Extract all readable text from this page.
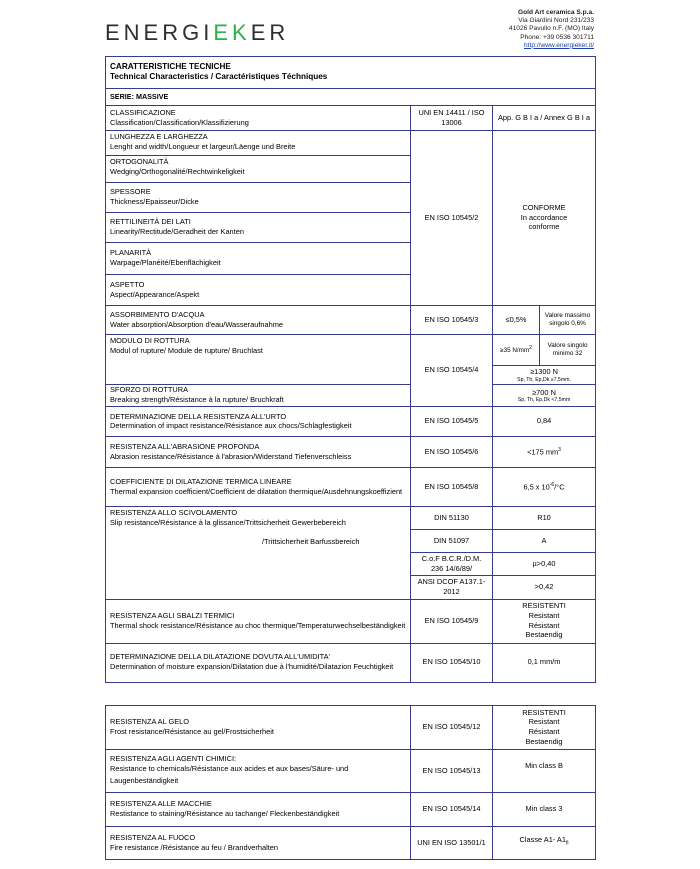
ENERGIEKER
Gold Art ceramica S.p.a.
Via Giardini Nord 231/233
41026 Pavullo n.F. (MO) Italy
Phone: +39 0536 301711
http://www.energieker.it/
CARATTERISTICHE TECNICHE
Technical Characteristics / Caractéristiques Téchniques			

SERIE: MASSIVE			

CLASSIFICAZIONE
Classification/Classification/Klassifizierung	UNI EN 14411 / ISO 13006	App. G B I a / Annex G B I a	

LUNGHEZZA E LARGHEZZA
Lenght and width/Longueur et largeur/Läenge und Breite	EN ISO 10545/2	CONFORME
In accordance
conforme	

ORTOGONALITÀ
Wedging/Orthogonalité/Rechtwinkeligkeit			

SPESSORE
Thickness/Epaisseur/Dicke			

RETTILINEITÀ DEI LATI
Linearity/Rectitude/Geradheit der Kanten			

PLANARITÀ
Warpage/Planéité/Ebenflächigkeit			

ASPETTO
Aspect/Appearance/Aspekt			

ASSORBIMENTO D'ACQUA
Water absorption/Absorption d'eau/Wasseraufnahme	EN ISO 10545/3	≤0,5%	Valore massimo singolo 0,6%

MODULO DI ROTTURA
Modul of rupture/ Module de rupture/ Bruchlast	EN ISO 10545/4	≥35 $N/mm^2$	Valore singolo minimo 32

		≥1300 N
Sp, Th, Ep,Dk ≥7,5mm.	

SFORZO DI ROTTURA
Breaking strength/Résistance à la rupture/ Bruchkraft		≥700 N
Sp, Th, Ep,Dk <7,5mm	

DETERMINAZIONE DELLA RESISTENZA ALL'URTO
Determination of impact resistance/Résistance aux chocs/Schlagfestigkeit	EN ISO 10545/5	0,84	

RESISTENZA ALL'ABRASIONE PROFONDA
Abrasion resistance/Résistance à l'abrasion/Widerstand Tiefenverschleiss	EN ISO 10545/6	<175 $mm^3$

COEFFICIENTE DI DILATAZIONE TERMICA LINEARE
Thermal expansion coefficient/Coefficient de dilatation thermique/Ausdehnungskoeffizient	EN ISO 10545/8	6,5 x $10^{-6}/^\circ C$	

RESISTENZA ALLO SCIVOLAMENTO
Slip resistance/Résistance à la glissance/Trittsicherheit Gewerbebereich
/Trittsicherheit Barfussbereich	DIN 51130	R10	
	DIN 51097	A	
	C.o.F B.C.R./D.M. 236 14/6/89/	µ>0,40	
	ANSI DCOF A137.1-2012	>0,42	

RESISTENZA AGLI SBALZI TERMICI
Thermal shock resistance/Résistance au choc thermique/Temperaturwechselbeständigkeit	EN ISO 10545/9	RESISTENTI
Resistant
Résistant
Bestaendig	

DETERMINAZIONE DELLA DILATAZIONE DOVUTA ALL'UMIDITA'
Determination of moisture expansion/Dilatation due à l'humidité/Dilatazion Feuchtigkeit	EN ISO 10545/10	0,1 mm/m	
RESISTENZA AL GELO
Frost resistance/Résistance au gel/Frostsicherheit	EN ISO 10545/12	RESISTENTI
Resistant
Résistant
Bestaendig

RESISTENZA AGLI AGENTI CHIMICI:
Resistance to chemicals/Résistance aux acides et aux bases/Säure- und Laugenbeständigkeit	EN ISO 10545/13	Min class B

RESISTENZA ALLE MACCHIE
Restistance to staining/Résistance au tachange/ Fleckenbeständigkeit	EN ISO 10545/14	Min class 3

RESISTENZA AL FUOCO
Fire resistance /Résistance au feu / Brandverhalten	UNI EN ISO 13501/1	Classe A1- $A1_{fl}$
